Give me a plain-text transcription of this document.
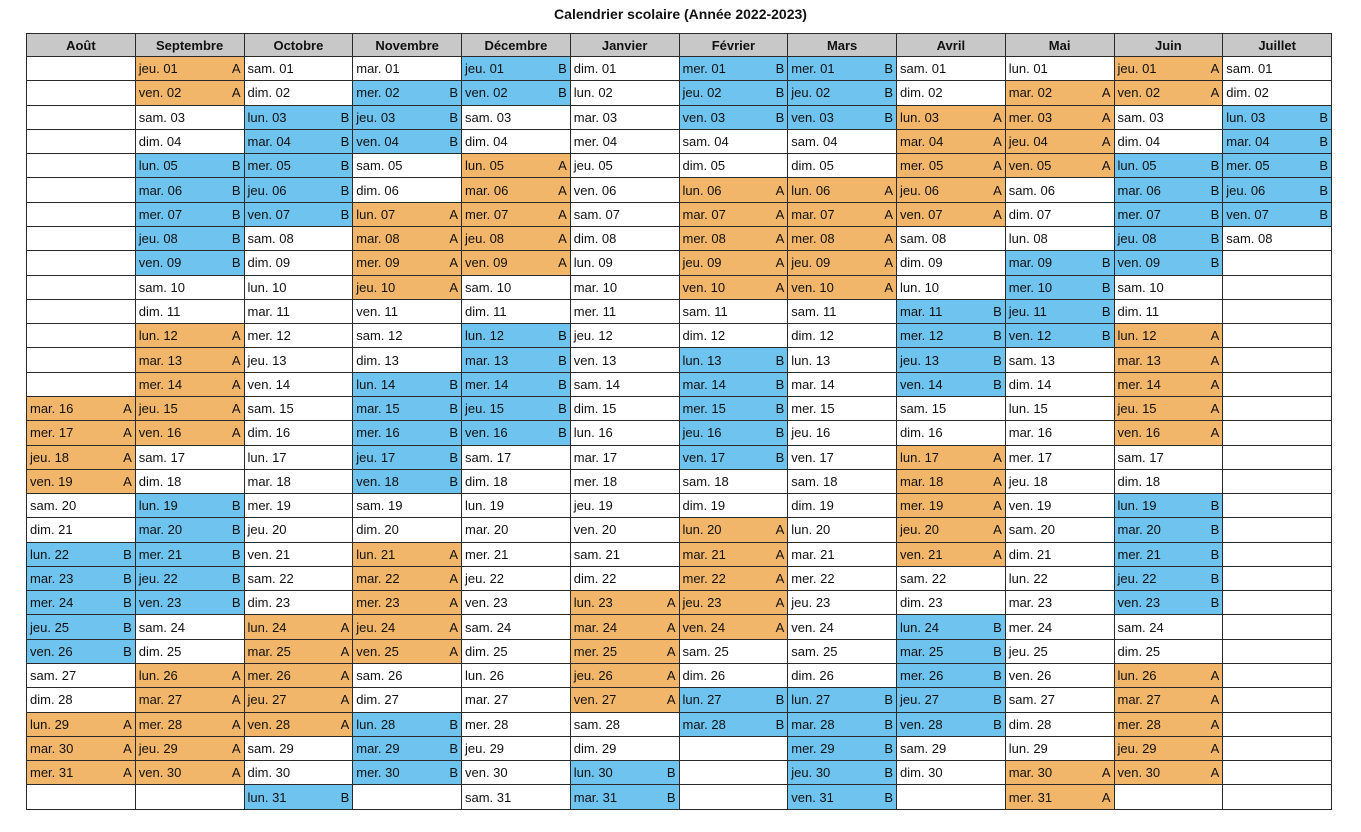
Calendrier scolaire (Année 2022-2023)
Août	Septembre	Octobre	Novembre	Décembre	Janvier	Février	Mars	Avril	Mai	Juin	Juillet

	jeu. 01 A	sam. 01	mar. 01	jeu. 01 B	dim. 01	mer. 01 B	mer. 01 B	sam. 01	lun. 01	jeu. 01 A	sam. 01

	ven. 02 A	dim. 02	mer. 02 B	ven. 02 B	lun. 02	jeu. 02 B	jeu. 02 B	dim. 02	mar. 02 A	ven. 02 A	dim. 02

	sam. 03	lun. 03 B	jeu. 03 B	sam. 03	mar. 03	ven. 03 B	ven. 03 B	lun. 03 A	mer. 03 A	sam. 03	lun. 03 B

	dim. 04	mar. 04 B	ven. 04 B	dim. 04	mer. 04	sam. 04	sam. 04	mar. 04 A	jeu. 04 A	dim. 04	mar. 04 B

	lun. 05 B	mer. 05 B	sam. 05	lun. 05 A	jeu. 05	dim. 05	dim. 05	mer. 05 A	ven. 05 A	lun. 05 B	mer. 05 B

	mar. 06 B	jeu. 06 B	dim. 06	mar. 06 A	ven. 06	lun. 06 A	lun. 06 A	jeu. 06 A	sam. 06	mar. 06 B	jeu. 06 B

	mer. 07 B	ven. 07 B	lun. 07 A	mer. 07 A	sam. 07	mar. 07 A	mar. 07 A	ven. 07 A	dim. 07	mer. 07 B	ven. 07 B

	jeu. 08 B	sam. 08	mar. 08 A	jeu. 08 A	dim. 08	mer. 08 A	mer. 08 A	sam. 08	lun. 08	jeu. 08 B	sam. 08

	ven. 09 B	dim. 09	mer. 09 A	ven. 09 A	lun. 09	jeu. 09 A	jeu. 09 A	dim. 09	mar. 09 B	ven. 09 B	

	sam. 10	lun. 10	jeu. 10 A	sam. 10	mar. 10	ven. 10 A	ven. 10 A	lun. 10	mer. 10 B	sam. 10	

	dim. 11	mar. 11	ven. 11	dim. 11	mer. 11	sam. 11	sam. 11	mar. 11 B	jeu. 11 B	dim. 11	

	lun. 12 A	mer. 12	sam. 12	lun. 12 B	jeu. 12	dim. 12	dim. 12	mer. 12 B	ven. 12 B	lun. 12 A	

	mar. 13 A	jeu. 13	dim. 13	mar. 13 B	ven. 13	lun. 13 B	lun. 13	jeu. 13 B	sam. 13	mar. 13 A	

	mer. 14 A	ven. 14	lun. 14 B	mer. 14 B	sam. 14	mar. 14 B	mar. 14	ven. 14 B	dim. 14	mer. 14 A	

mar. 16 A	jeu. 15 A	sam. 15	mar. 15 B	jeu. 15 B	dim. 15	mer. 15 B	mer. 15	sam. 15	lun. 15	jeu. 15 A	

mer. 17 A	ven. 16 A	dim. 16	mer. 16 B	ven. 16 B	lun. 16	jeu. 16 B	jeu. 16	dim. 16	mar. 16	ven. 16 A	

jeu. 18 A	sam. 17	lun. 17	jeu. 17 B	sam. 17	mar. 17	ven. 17 B	ven. 17	lun. 17 A	mer. 17	sam. 17	

ven. 19 A	dim. 18	mar. 18	ven. 18 B	dim. 18	mer. 18	sam. 18	sam. 18	mar. 18 A	jeu. 18	dim. 18	

sam. 20	lun. 19 B	mer. 19	sam. 19	lun. 19	jeu. 19	dim. 19	dim. 19	mer. 19 A	ven. 19	lun. 19 B	

dim. 21	mar. 20 B	jeu. 20	dim. 20	mar. 20	ven. 20	lun. 20 A	lun. 20	jeu. 20 A	sam. 20	mar. 20 B	

lun. 22 B	mer. 21 B	ven. 21	lun. 21 A	mer. 21	sam. 21	mar. 21 A	mar. 21	ven. 21 A	dim. 21	mer. 21 B	

mar. 23 B	jeu. 22 B	sam. 22	mar. 22 A	jeu. 22	dim. 22	mer. 22 A	mer. 22	sam. 22	lun. 22	jeu. 22 B	

mer. 24 B	ven. 23 B	dim. 23	mer. 23 A	ven. 23	lun. 23 A	jeu. 23 A	jeu. 23	dim. 23	mar. 23	ven. 23 B	

jeu. 25 B	sam. 24	lun. 24 A	jeu. 24 A	sam. 24	mar. 24 A	ven. 24 A	ven. 24	lun. 24 B	mer. 24	sam. 24	

ven. 26 B	dim. 25	mar. 25 A	ven. 25 A	dim. 25	mer. 25 A	sam. 25	sam. 25	mar. 25 B	jeu. 25	dim. 25	

sam. 27	lun. 26 A	mer. 26 A	sam. 26	lun. 26	jeu. 26 A	dim. 26	dim. 26	mer. 26 B	ven. 26	lun. 26 A	

dim. 28	mar. 27 A	jeu. 27 A	dim. 27	mar. 27	ven. 27 A	lun. 27 B	lun. 27 B	jeu. 27 B	sam. 27	mar. 27 A	

lun. 29 A	mer. 28 A	ven. 28 A	lun. 28 B	mer. 28	sam. 28	mar. 28 B	mar. 28 B	ven. 28 B	dim. 28	mer. 28 A	

mar. 30 A	jeu. 29 A	sam. 29	mar. 29 B	jeu. 29	dim. 29		mer. 29 B	sam. 29	lun. 29	jeu. 29 A	

mer. 31 A	ven. 30 A	dim. 30	mer. 30 B	ven. 30	lun. 30 B		jeu. 30 B	dim. 30	mar. 30 A	ven. 30 A	

		lun. 31 B		sam. 31	mar. 31 B		ven. 31 B		mer. 31 A		
